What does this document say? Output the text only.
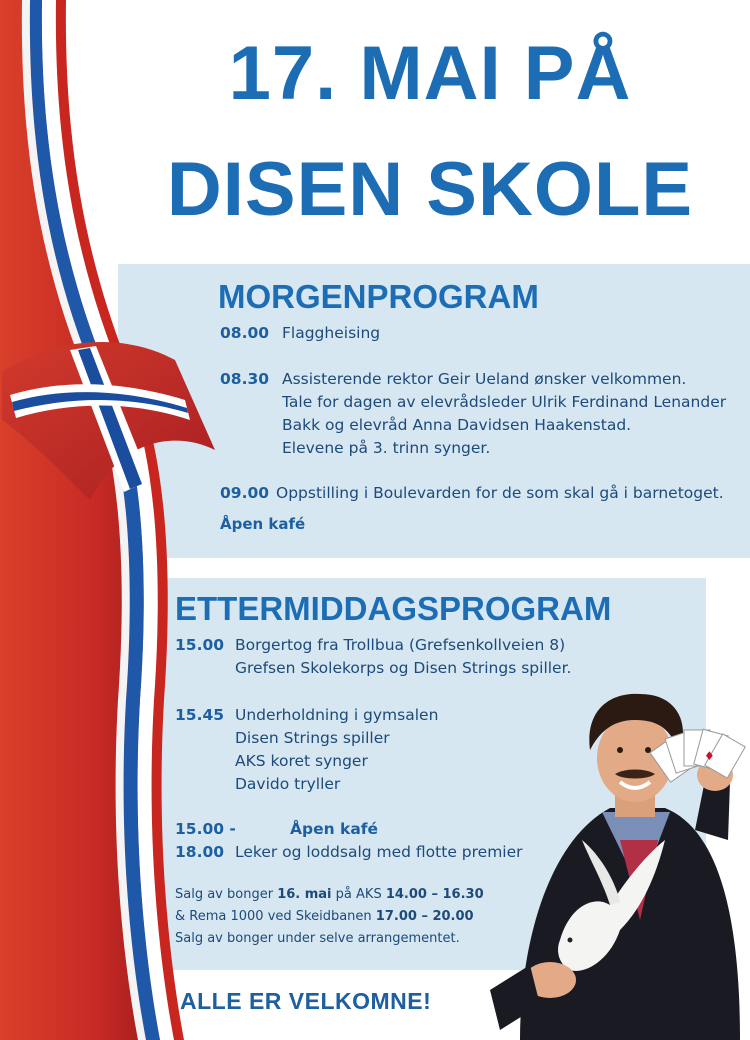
17. MAI PÅ
DISEN SKOLE
MORGENPROGRAM
08.00 Flaggheising
08.30 Assisterende rektor Geir Ueland ønsker velkommen.
Tale for dagen av elevrådsleder Ulrik Ferdinand Lenander
Bakk og elevråd Anna Davidsen Haakenstad.
Elevene på 3. trinn synger.
09.00 Oppstilling i Boulevarden for de som skal gå i barnetoget.
Åpen kafé
ETTERMIDDAGSPROGRAM
15.00 Borgertog fra Trollbua (Grefsenkollveien 8)
Grefsen Skolekorps og Disen Strings spiller.
15.45 Underholdning i gymsalen
Disen Strings spiller
AKS koret synger
Davido tryller
15.00 - 18.00
Åpen kafé
Leker og loddsalg med flotte premier
Salg av bonger 16. mai på AKS 14.00 – 16.30
& Rema 1000 ved Skeidbanen 17.00 – 20.00
Salg av bonger under selve arrangementet.
♦
ALLE ER VELKOMNE!
